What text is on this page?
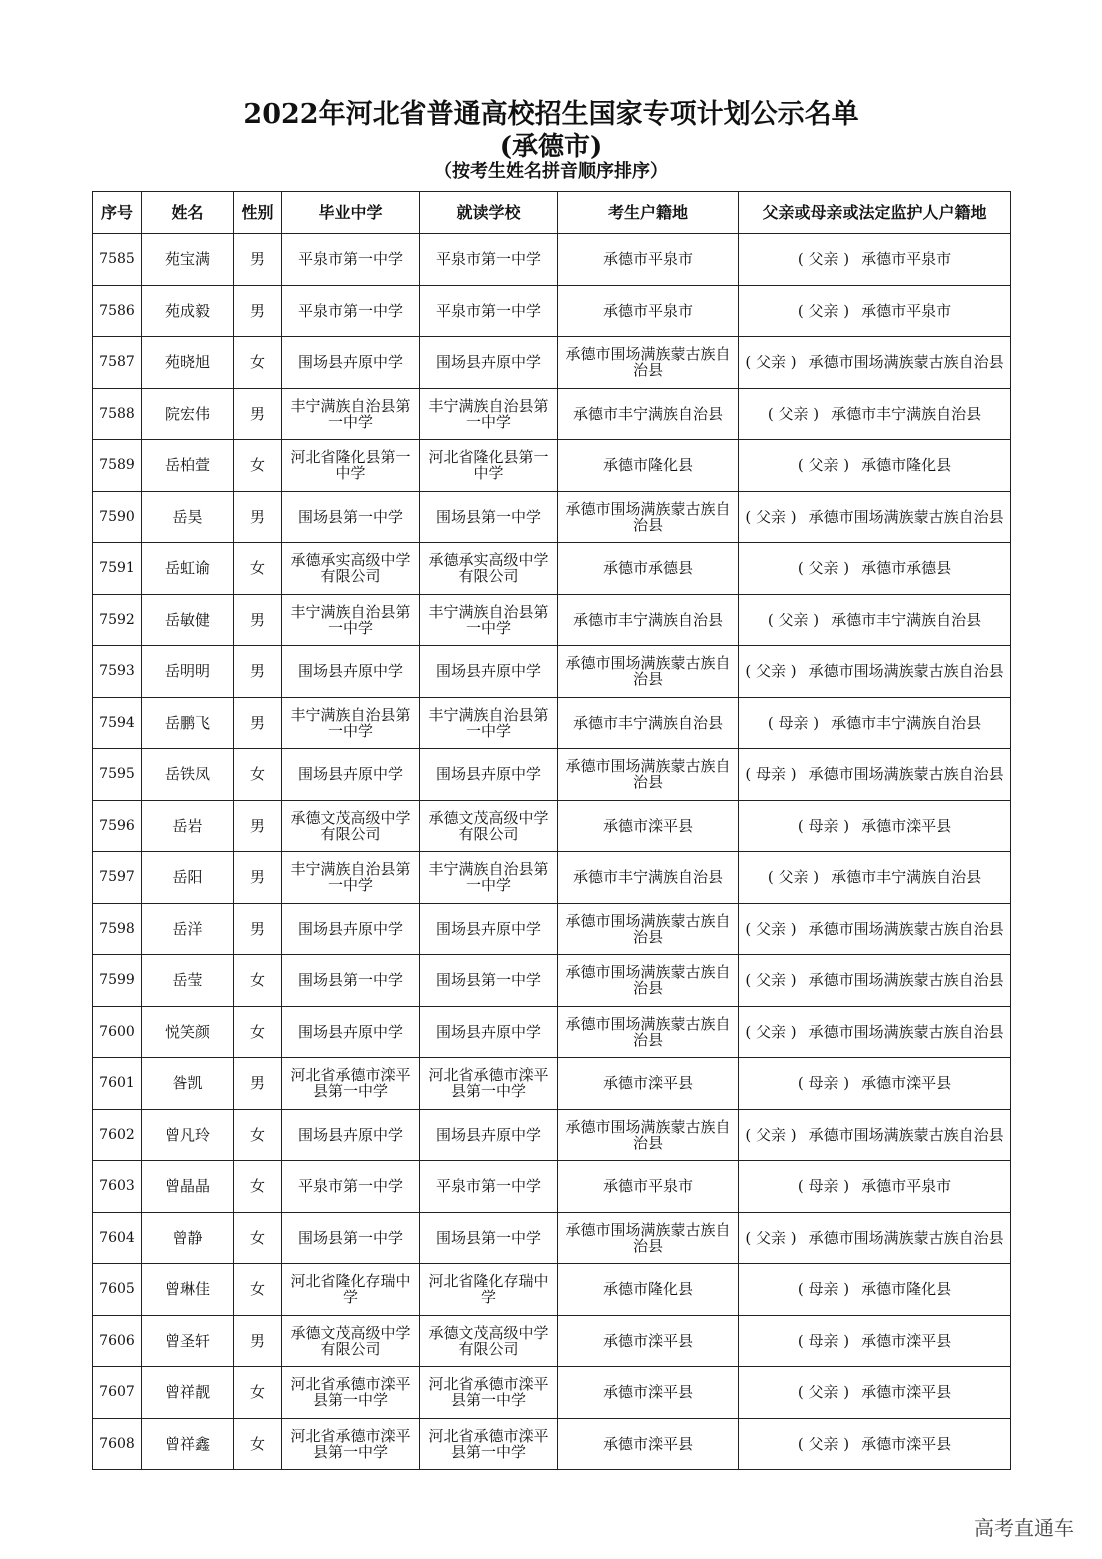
2022年河北省普通高校招生国家专项计划公示名单
(承德市)
（按考生姓名拼音顺序排序）
序号	姓名	性别	毕业中学	就读学校	考生户籍地	父亲或母亲或法定监护人户籍地
7585	苑宝满	男	平泉市第一中学	平泉市第一中学	承德市平泉市	( 父亲 ) 承德市平泉市
7586	苑成毅	男	平泉市第一中学	平泉市第一中学	承德市平泉市	( 父亲 ) 承德市平泉市
7587	苑晓旭	女	围场县卉原中学	围场县卉原中学	承德市围场满族蒙古族自治县	( 父亲 ) 承德市围场满族蒙古族自治县
7588	院宏伟	男	丰宁满族自治县第一中学	丰宁满族自治县第一中学	承德市丰宁满族自治县	( 父亲 ) 承德市丰宁满族自治县
7589	岳柏萱	女	河北省隆化县第一中学	河北省隆化县第一中学	承德市隆化县	( 父亲 ) 承德市隆化县
7590	岳昊	男	围场县第一中学	围场县第一中学	承德市围场满族蒙古族自治县	( 父亲 ) 承德市围场满族蒙古族自治县
7591	岳虹谕	女	承德承实高级中学有限公司	承德承实高级中学有限公司	承德市承德县	( 父亲 ) 承德市承德县
7592	岳敏健	男	丰宁满族自治县第一中学	丰宁满族自治县第一中学	承德市丰宁满族自治县	( 父亲 ) 承德市丰宁满族自治县
7593	岳明明	男	围场县卉原中学	围场县卉原中学	承德市围场满族蒙古族自治县	( 父亲 ) 承德市围场满族蒙古族自治县
7594	岳鹏飞	男	丰宁满族自治县第一中学	丰宁满族自治县第一中学	承德市丰宁满族自治县	( 母亲 ) 承德市丰宁满族自治县
7595	岳铁凤	女	围场县卉原中学	围场县卉原中学	承德市围场满族蒙古族自治县	( 母亲 ) 承德市围场满族蒙古族自治县
7596	岳岩	男	承德文茂高级中学有限公司	承德文茂高级中学有限公司	承德市滦平县	( 母亲 ) 承德市滦平县
7597	岳阳	男	丰宁满族自治县第一中学	丰宁满族自治县第一中学	承德市丰宁满族自治县	( 父亲 ) 承德市丰宁满族自治县
7598	岳洋	男	围场县卉原中学	围场县卉原中学	承德市围场满族蒙古族自治县	( 父亲 ) 承德市围场满族蒙古族自治县
7599	岳莹	女	围场县第一中学	围场县第一中学	承德市围场满族蒙古族自治县	( 父亲 ) 承德市围场满族蒙古族自治县
7600	悦笑颜	女	围场县卉原中学	围场县卉原中学	承德市围场满族蒙古族自治县	( 父亲 ) 承德市围场满族蒙古族自治县
7601	昝凯	男	河北省承德市滦平县第一中学	河北省承德市滦平县第一中学	承德市滦平县	( 母亲 ) 承德市滦平县
7602	曾凡玲	女	围场县卉原中学	围场县卉原中学	承德市围场满族蒙古族自治县	( 父亲 ) 承德市围场满族蒙古族自治县
7603	曾晶晶	女	平泉市第一中学	平泉市第一中学	承德市平泉市	( 母亲 ) 承德市平泉市
7604	曾静	女	围场县第一中学	围场县第一中学	承德市围场满族蒙古族自治县	( 父亲 ) 承德市围场满族蒙古族自治县
7605	曾琳佳	女	河北省隆化存瑞中学	河北省隆化存瑞中学	承德市隆化县	( 母亲 ) 承德市隆化县
7606	曾圣轩	男	承德文茂高级中学有限公司	承德文茂高级中学有限公司	承德市滦平县	( 母亲 ) 承德市滦平县
7607	曾祥靓	女	河北省承德市滦平县第一中学	河北省承德市滦平县第一中学	承德市滦平县	( 父亲 ) 承德市滦平县
7608	曾祥鑫	女	河北省承德市滦平县第一中学	河北省承德市滦平县第一中学	承德市滦平县	( 父亲 ) 承德市滦平县
高考直通车
